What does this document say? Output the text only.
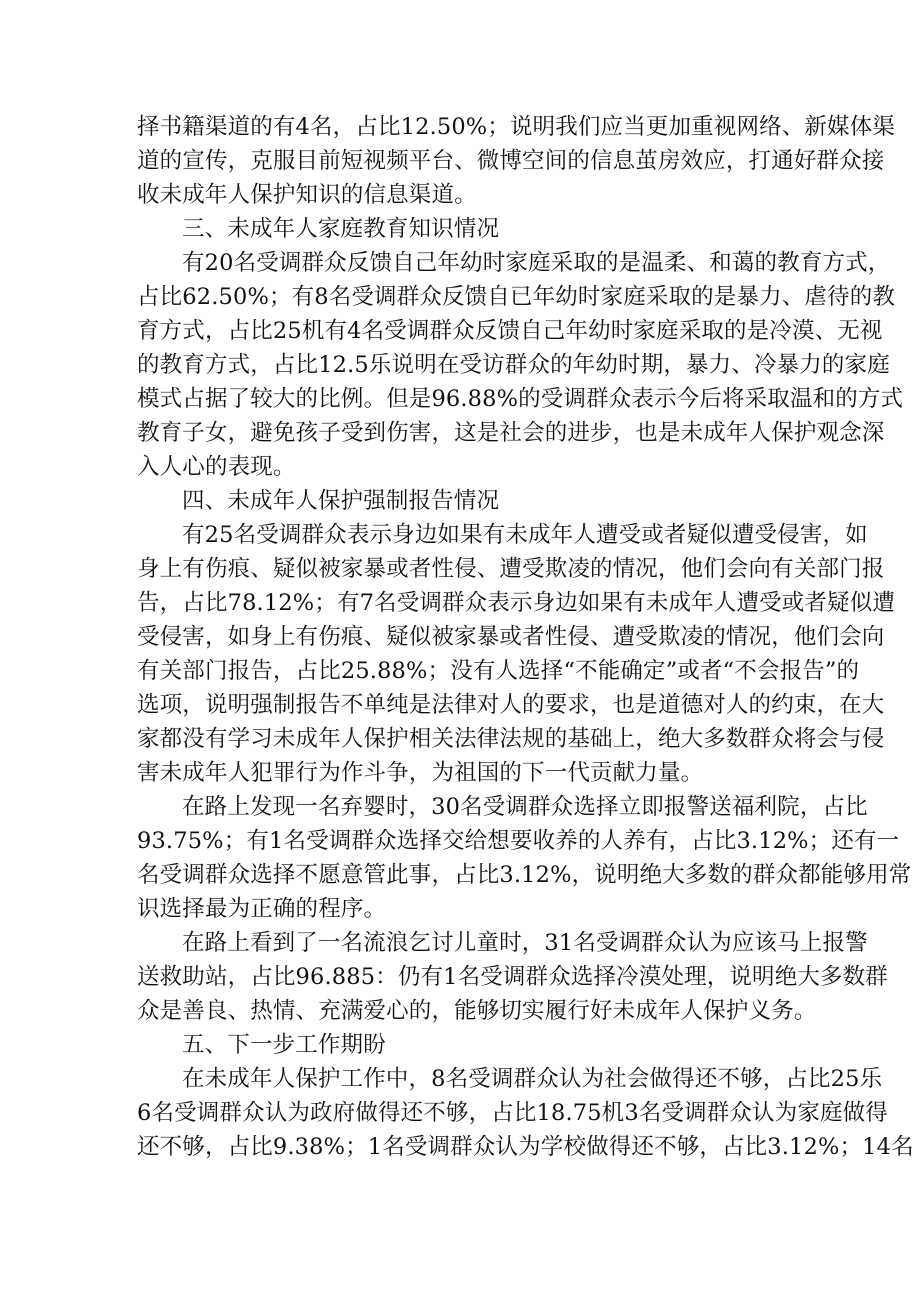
择书籍渠道的有4名，占比12.50%；说明我们应当更加重视网络、新媒体渠
道的宣传，克服目前短视频平台、微博空间的信息茧房效应，打通好群众接
收未成年人保护知识的信息渠道。
三、未成年人家庭教育知识情况
有20名受调群众反馈自己年幼时家庭采取的是温柔、和蔼的教育方式，
占比62.50%；有8名受调群众反馈自已年幼时家庭采取的是暴力、虐待的教
育方式，占比25机有4名受调群众反馈自己年幼时家庭采取的是冷漠、无视
的教育方式，占比12.5乐说明在受访群众的年幼时期，暴力、冷暴力的家庭
模式占据了较大的比例。但是96.88%的受调群众表示今后将采取温和的方式
教育子女，避免孩子受到伤害，这是社会的进步，也是未成年人保护观念深
入人心的表现。
四、未成年人保护强制报告情况
有25名受调群众表示身边如果有未成年人遭受或者疑似遭受侵害，如
身上有伤痕、疑似被家暴或者性侵、遭受欺凌的情况，他们会向有关部门报
告，占比78.12%；有7名受调群众表示身边如果有未成年人遭受或者疑似遭
受侵害，如身上有伤痕、疑似被家暴或者性侵、遭受欺凌的情况，他们会向
有关部门报告，占比25.88%；没有人选择“不能确定”或者“不会报告”的
选项，说明强制报告不单纯是法律对人的要求，也是道德对人的约束，在大
家都没有学习未成年人保护相关法律法规的基础上，绝大多数群众将会与侵
害未成年人犯罪行为作斗争，为祖国的下一代贡献力量。
在路上发现一名弃婴时，30名受调群众选择立即报警送福利院，占比
93.75%；有1名受调群众选择交给想要收养的人养有，占比3.12%；还有一
名受调群众选择不愿意管此事，占比3.12%，说明绝大多数的群众都能够用常
识选择最为正确的程序。
在路上看到了一名流浪乞讨儿童时，31名受调群众认为应该马上报警
送救助站，占比96.885：仍有1名受调群众选择冷漠处理，说明绝大多数群
众是善良、热情、充满爱心的，能够切实履行好未成年人保护义务。
五、下一步工作期盼
在未成年人保护工作中，8名受调群众认为社会做得还不够，占比25乐
6名受调群众认为政府做得还不够，占比18.75机3名受调群众认为家庭做得
还不够，占比9.38%；1名受调群众认为学校做得还不够，占比3.12%；14名
